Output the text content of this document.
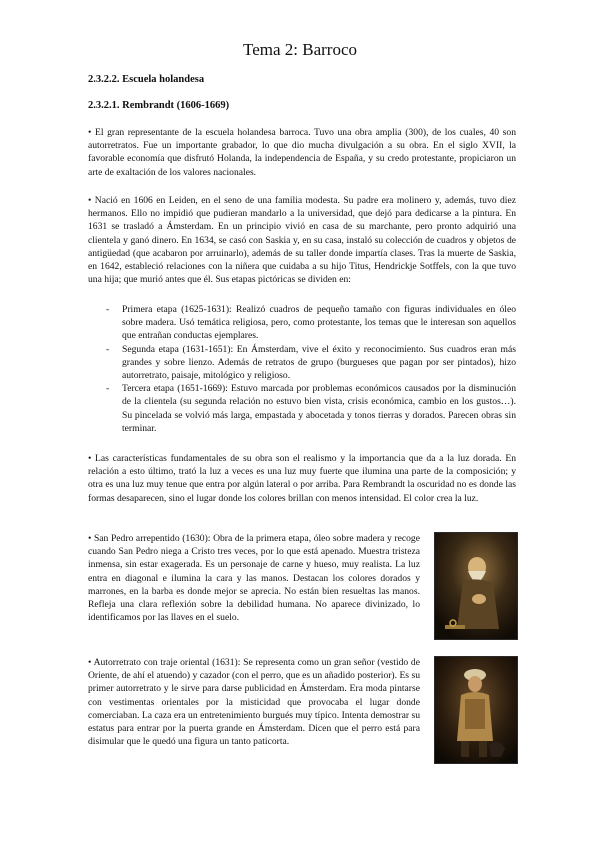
Tema 2: Barroco

2.3.2.2. Escuela holandesa

2.3.2.1. Rembrandt (1606-1669)

• El gran representante de la escuela holandesa barroca. Tuvo una obra amplia (300), de los cuales, 40 son autorretratos. Fue un importante grabador, lo que dio mucha divulgación a su obra. En el siglo XVII, la favorable economía que disfrutó Holanda, la independencia de España, y su credo protestante, propiciaron un arte de exaltación de los valores nacionales.

• Nació en 1606 en Leiden, en el seno de una familia modesta. Su padre era molinero y, además, tuvo diez hermanos. Ello no impidió que pudieran mandarlo a la universidad, que dejó para dedicarse a la pintura. En 1631 se trasladó a Ámsterdam. En un principio vivió en casa de su marchante, pero pronto adquirió una clientela y ganó dinero. En 1634, se casó con Saskia y, en su casa, instaló su colección de cuadros y objetos de antigüedad (que acabaron por arruinarlo), además de su taller donde impartía clases. Tras la muerte de Saskia, en 1642, estableció relaciones con la niñera que cuidaba a su hijo Titus, Hendrickje Sotffels, con la que tuvo una hija; que murió antes que él. Sus etapas pictóricas se dividen en:

- Primera etapa (1625-1631): Realizó cuadros de pequeño tamaño con figuras individuales en óleo sobre madera. Usó temática religiosa, pero, como protestante, los temas que le interesan son aquellos que entrañan conductas ejemplares.
- Segunda etapa (1631-1651): En Ámsterdam, vive el éxito y reconocimiento. Sus cuadros eran más grandes y sobre lienzo. Además de retratos de grupo (burgueses que pagan por ser pintados), hizo autorretrato, paisaje, mitológico y religioso.
- Tercera etapa (1651-1669): Estuvo marcada por problemas económicos causados por la disminución de la clientela (su segunda relación no estuvo bien vista, crisis económica, cambio en los gustos…). Su pincelada se volvió más larga, empastada y abocetada y tonos tierras y dorados. Parecen obras sin terminar.

• Las características fundamentales de su obra son el realismo y la importancia que da a la luz dorada. En relación a esto último, trató la luz a veces es una luz muy fuerte que ilumina una parte de la composición; y otra es una luz muy tenue que entra por algún lateral o por arriba. Para Rembrandt la oscuridad no es donde las formas desaparecen, sino el lugar donde los colores brillan con menos intensidad. El color crea la luz.

• San Pedro arrepentido (1630): Obra de la primera etapa, óleo sobre madera y recoge cuando San Pedro niega a Cristo tres veces, por lo que está apenado. Muestra tristeza inmensa, sin estar exagerada. Es un personaje de carne y hueso, muy realista. La luz entra en diagonal e ilumina la cara y las manos. Destacan los colores dorados y marrones, en la barba es donde mejor se aprecia. No están bien resueltas las manos. Refleja una clara reflexión sobre la debilidad humana. No aparece divinizado, lo identificamos por las llaves en el suelo.

• Autorretrato con traje oriental (1631): Se representa como un gran señor (vestido de Oriente, de ahí el atuendo) y cazador (con el perro, que es un añadido posterior). Es su primer autorretrato y le sirve para darse publicidad en Ámsterdam. Era moda pintarse con vestimentas orientales por la misticidad que provocaba el lugar donde comerciaban. La caza era un entretenimiento burgués muy típico. Intenta demostrar su estatus para entrar por la puerta grande en Ámsterdam. Dicen que el perro está para disimular que le quedó una figura un tanto paticorta.
